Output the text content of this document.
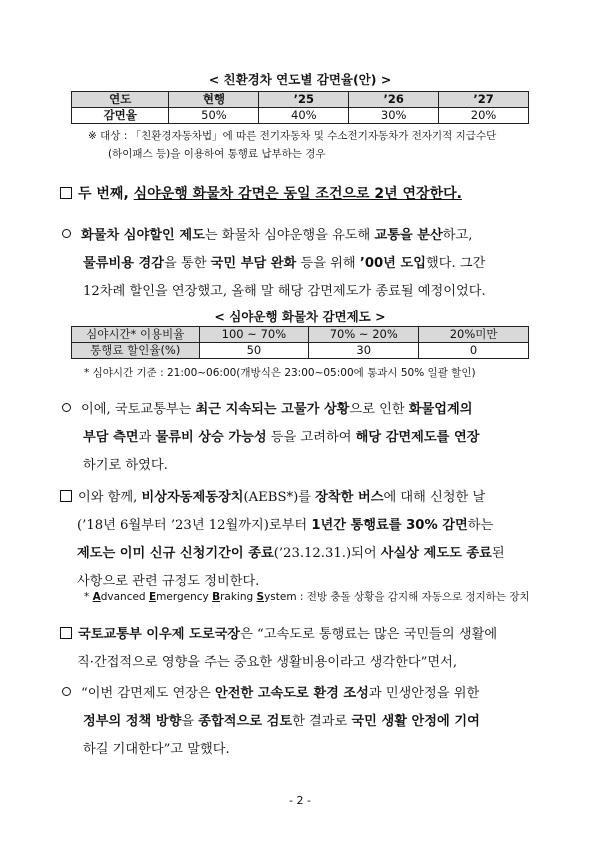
< 친환경차 연도별 감면율(안) >
연도	현행	’25	’26	’27
감면율	50%	40%	30%	20%
※ 대상 : 「친환경자동차법」에 따른 전기자동차 및 수소전기자동차가 전자기적 지급수단
(하이패스 등)을 이용하여 통행료 납부하는 경우
두 번째, 심야운행 화물차 감면은 동일 조건으로 2년 연장한다.
화물차 심야할인 제도는 화물차 심야운행을 유도해 교통을 분산하고,
물류비용 경감을 통한 국민 부담 완화 등을 위해 ’00년 도입했다. 그간
12차례 할인을 연장했고, 올해 말 해당 감면제도가 종료될 예정이었다.
< 심야운행 화물차 감면제도 >
심야시간* 이용비율	100 ~ 70%	70% ~ 20%	20%미만
통행료 할인율(%)	50	30	0
* 심야시간 기준 : 21:00~06:00(개방식은 23:00~05:00에 통과시 50% 일괄 할인)
이에, 국토교통부는 최근 지속되는 고물가 상황으로 인한 화물업계의
부담 측면과 물류비 상승 가능성 등을 고려하여 해당 감면제도를 연장
하기로 하였다.
이와 함께, 비상자동제동장치(AEBS*)를 장착한 버스에 대해 신청한 날
(’18년 6월부터 ’23년 12월까지)로부터 1년간 통행료를 30% 감면하는
제도는 이미 신규 신청기간이 종료(’23.12.31.)되어 사실상 제도도 종료된
사항으로 관련 규정도 정비한다.
* Advanced Emergency Braking System : 전방 충돌 상황을 감지해 자동으로 정지하는 장치
국토교통부 이우제 도로국장은 “고속도로 통행료는 많은 국민들의 생활에
직·간접적으로 영향을 주는 중요한 생활비용이라고 생각한다”면서,
“이번 감면제도 연장은 안전한 고속도로 환경 조성과 민생안정을 위한
정부의 정책 방향을 종합적으로 검토한 결과로 국민 생활 안정에 기여
하길 기대한다”고 말했다.
- 2 -
